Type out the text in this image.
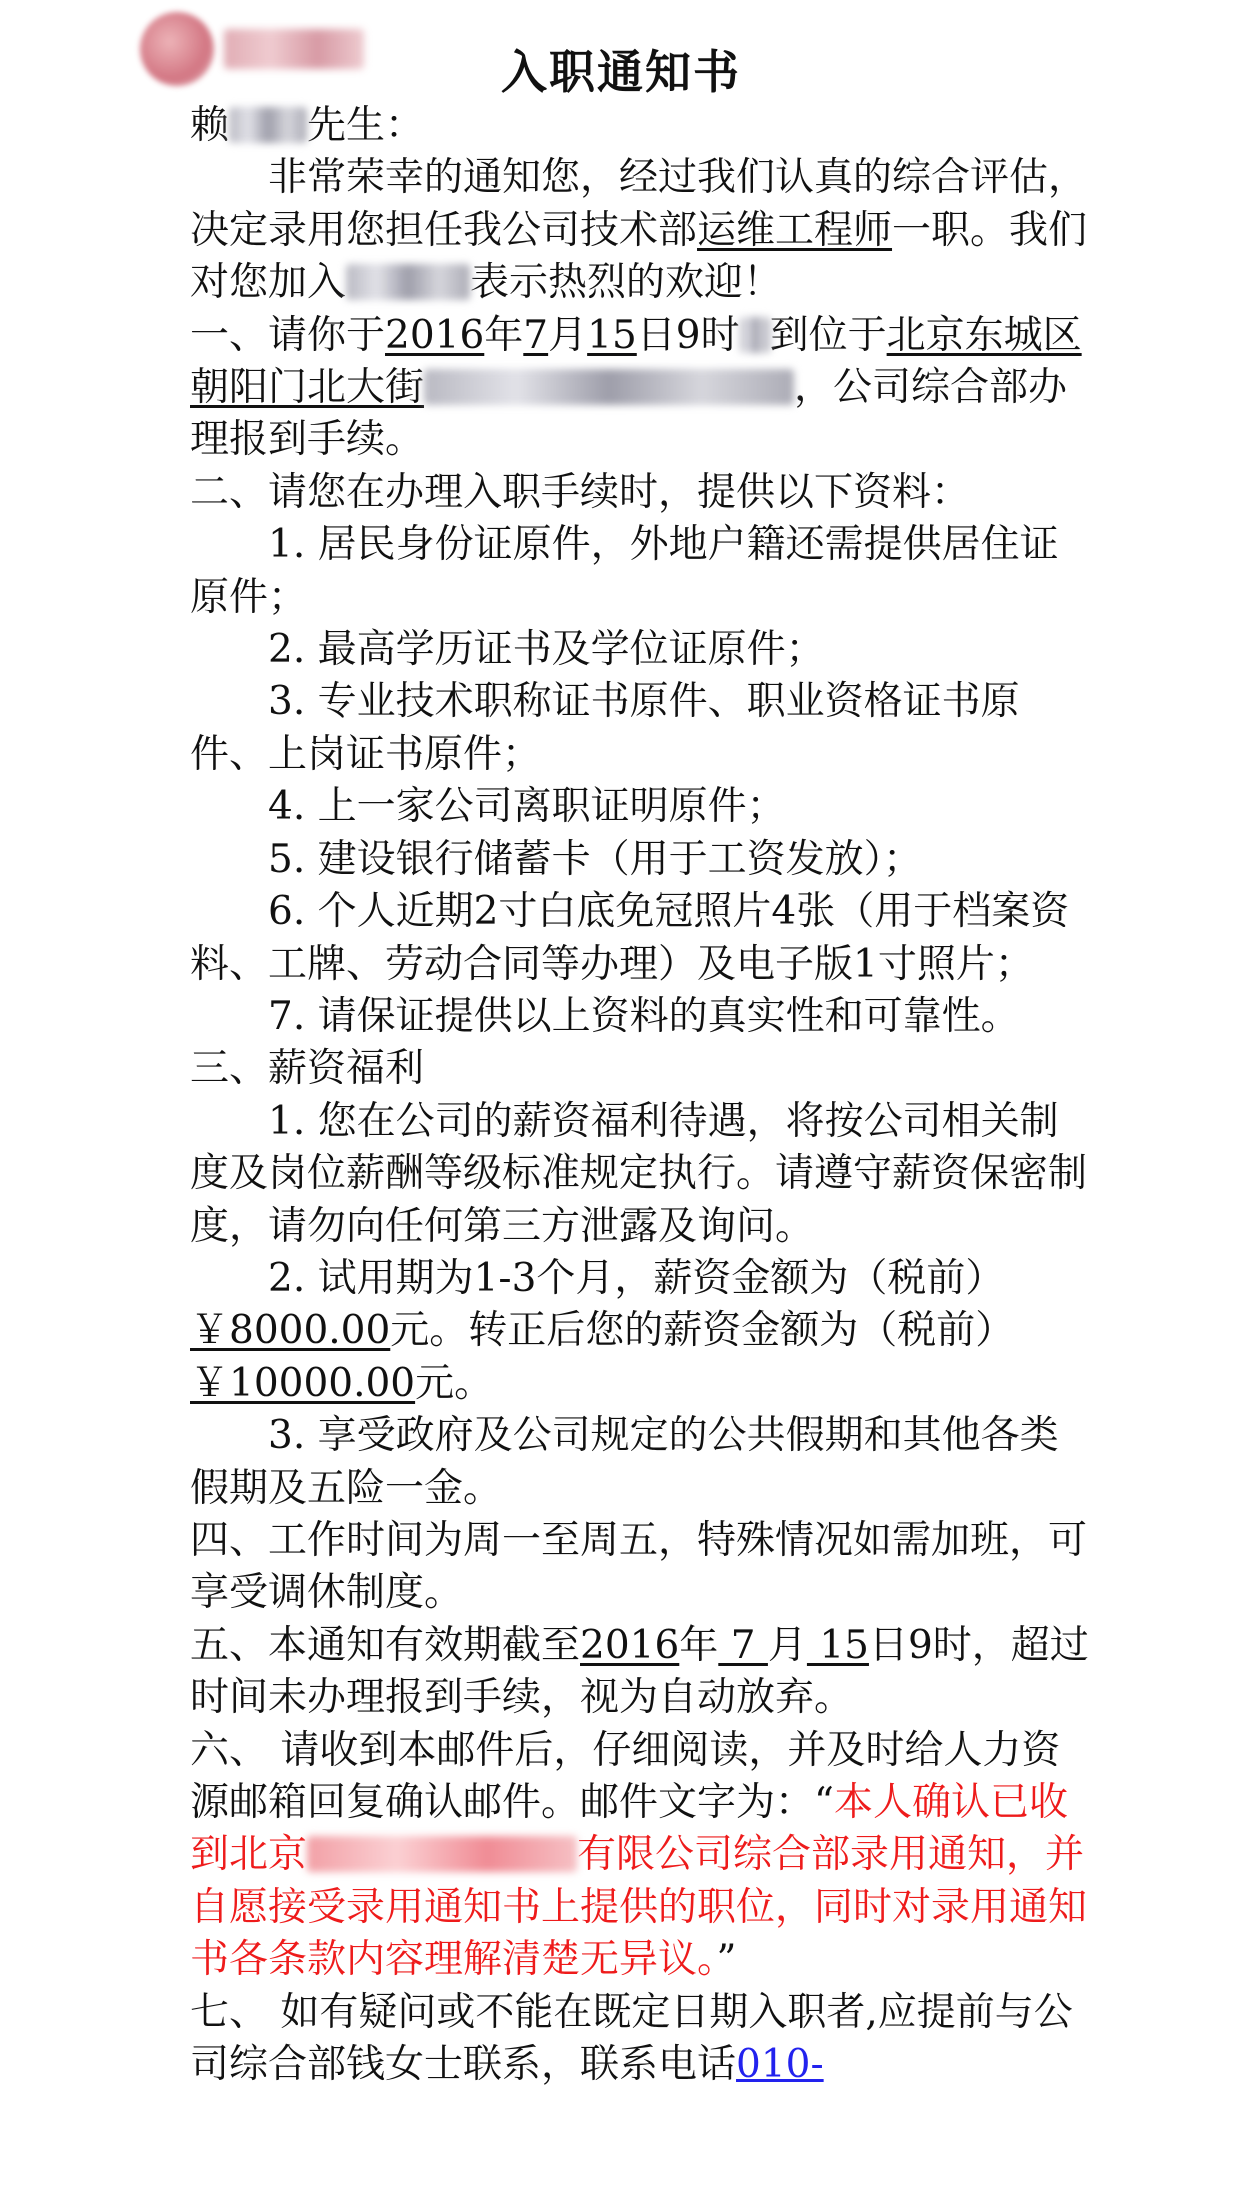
入职通知书

赖 先生：

非常荣幸的通知您，经过我们认真的综合评估，决定录用您担任我公司技术部运维工程师一职。我们对您加入	表示热烈的欢迎！

一、请你于2016年7月15日9时 到位于北京东城区朝阳门北大街	，公司综合部办理报到手续。

二、请您在办理入职手续时，提供以下资料：

1. 居民身份证原件，外地户籍还需提供居住证原件；

2. 最高学历证书及学位证原件；

3. 专业技术职称证书原件、职业资格证书原件、上岗证书原件；

4. 上一家公司离职证明原件；

5. 建设银行储蓄卡（用于工资发放）；

6. 个人近期2寸白底免冠照片4张（用于档案资料、工牌、劳动合同等办理）及电子版1寸照片；

7. 请保证提供以上资料的真实性和可靠性。

三、薪资福利

1. 您在公司的薪资福利待遇，将按公司相关制度及岗位薪酬等级标准规定执行。请遵守薪资保密制度，请勿向任何第三方泄露及询问。

2. 试用期为1-3个月，薪资金额为（税前）￥8000.00元。转正后您的薪资金额为（税前）￥10000.00元。

3. 享受政府及公司规定的公共假期和其他各类假期及五险一金。

四、工作时间为周一至周五，特殊情况如需加班，可享受调休制度。

五、本通知有效期截至2016年 7 月 15日9时，超过时间未办理报到手续，视为自动放弃。

六、 请收到本邮件后，仔细阅读，并及时给人力资源邮箱回复确认邮件。邮件文字为：“本人确认已收到北京	有限公司综合部录用通知，并自愿接受录用通知书上提供的职位，同时对录用通知书各条款内容理解清楚无异议。”

七、 如有疑问或不能在既定日期入职者,应提前与公司综合部钱女士联系，联系电话010-
